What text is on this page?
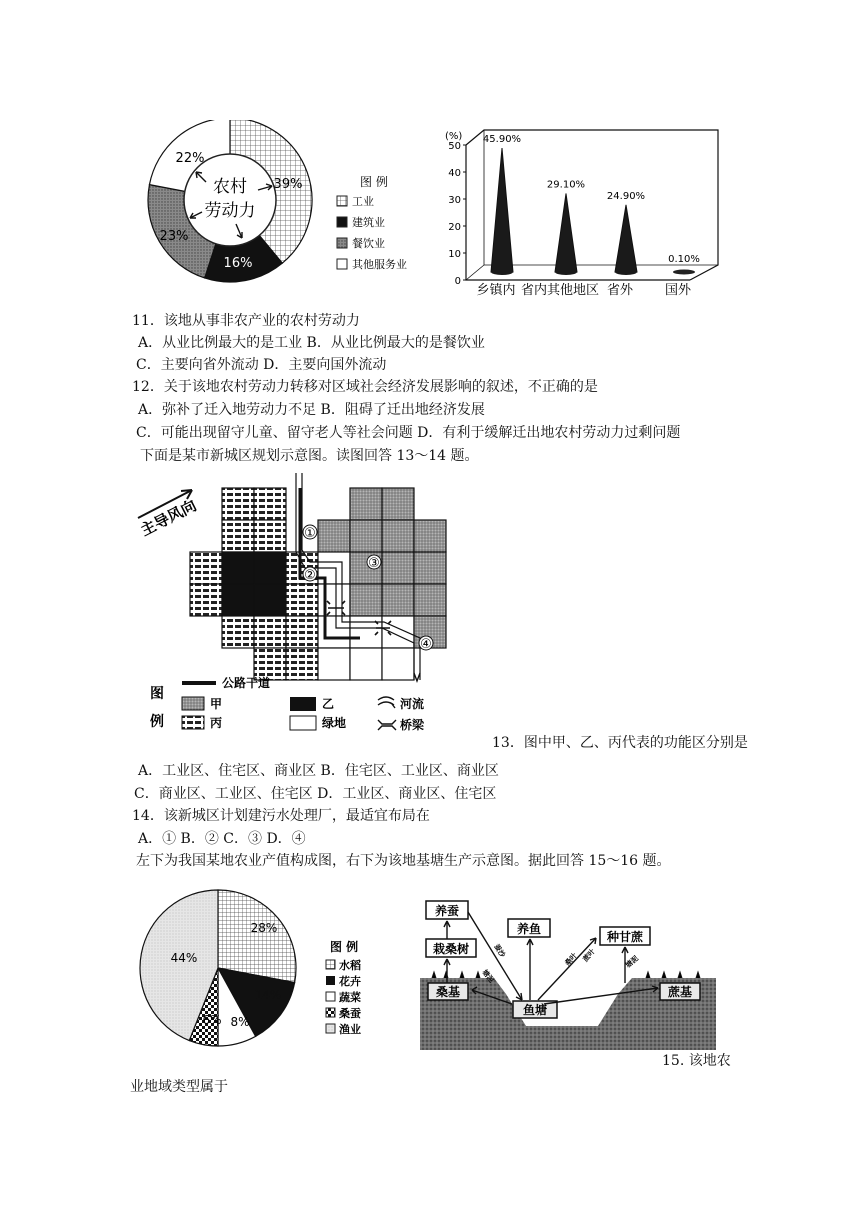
农村
劳动力
22%
39%
23%
16%
图 例
工业
建筑业
餐饮业
其他服务业
(%)
0
10
20
30
40
50
45.90%
29.10%
24.90%
0.10%
乡镇内 省内其他地区 省外 国外
11．该地从事非农产业的农村劳动力
A．从业比例最大的是工业 B．从业比例最大的是餐饮业
C．主要向省外流动 D．主要向国外流动
12．关于该地农村劳动力转移对区域社会经济发展影响的叙述，不正确的是
A．弥补了迁入地劳动力不足 B．阻碍了迁出地经济发展
C．可能出现留守儿童、留守老人等社会问题 D．有利于缓解迁出地农村劳动力过剩问题
下面是某市新城区规划示意图。读图回答 13～14 题。
主导风向	①
②
③
④
图
例
公路干道
甲
丙
乙
绿地
河流
桥梁
13．图中甲、乙、丙代表的功能区分别是
A．工业区、住宅区、商业区 B．住宅区、工业区、商业区
C．商业区、工业区、住宅区 D．工业区、商业区、住宅区
14．该新城区计划建污水处理厂，最适宜布局在
A．① B．② C．③ D．④
左下为我国某地农业产值构成图，右下为该地基塘生产示意图。据此回答 15～16 题。
44%
28%
14%
8%
6%
图 例
水稻
花卉
蔬菜
桑蚕
渔业
养蚕
养鱼
栽桑树
种甘蔗
桑基
鱼塘
蔗基
蚕沙
桑叶
塘泥
蔗叶	塘泥
15. 该地农
业地域类型属于
